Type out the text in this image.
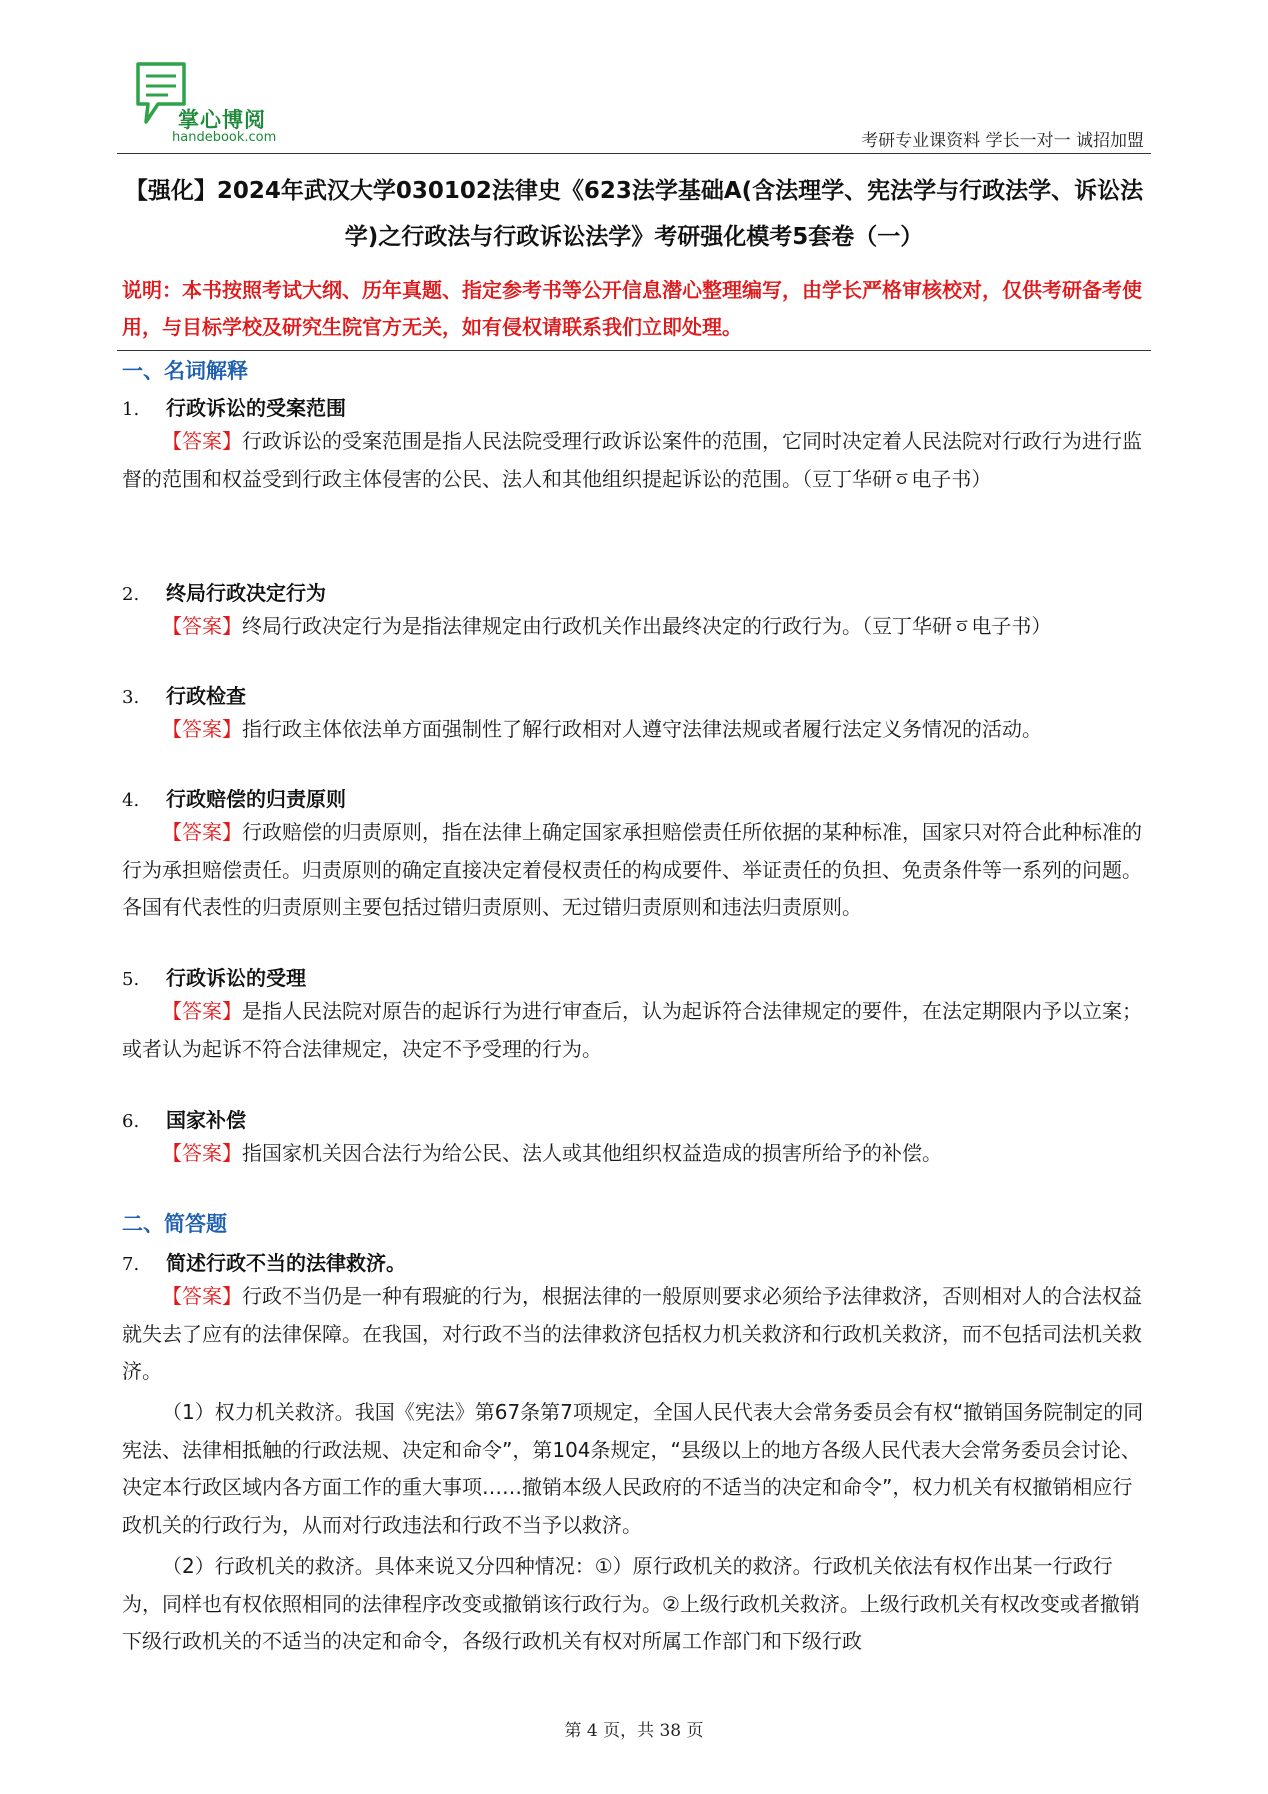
掌心博阅
handebook.com	考研专业课资料 学长一对一 诚招加盟
【强化】2024年武汉大学030102法律史《623法学基础A(含法理学、宪法学与行政法学、诉讼法学)之行政法与行政诉讼法学》考研强化模考5套卷（一）
说明：本书按照考试大纲、历年真题、指定参考书等公开信息潜心整理编写，由学长严格审核校对，仅供考研备考使用，与目标学校及研究生院官方无关，如有侵权请联系我们立即处理。
一、名词解释
1. 行政诉讼的受案范围
【答案】行政诉讼的受案范围是指人民法院受理行政诉讼案件的范围，它同时决定着人民法院对行政行为进行监督的范围和权益受到行政主体侵害的公民、法人和其他组织提起诉讼的范围。（豆丁华研ㆆ电子书）
2. 终局行政决定行为
【答案】终局行政决定行为是指法律规定由行政机关作出最终决定的行政行为。（豆丁华研ㆆ电子书）
3. 行政检查
【答案】指行政主体依法单方面强制性了解行政相对人遵守法律法规或者履行法定义务情况的活动。
4. 行政赔偿的归责原则
【答案】行政赔偿的归责原则，指在法律上确定国家承担赔偿责任所依据的某种标准，国家只对符合此种标准的行为承担赔偿责任。归责原则的确定直接决定着侵权责任的构成要件、举证责任的负担、免责条件等一系列的问题。各国有代表性的归责原则主要包括过错归责原则、无过错归责原则和违法归责原则。
5. 行政诉讼的受理
【答案】是指人民法院对原告的起诉行为进行审查后，认为起诉符合法律规定的要件，在法定期限内予以立案；或者认为起诉不符合法律规定，决定不予受理的行为。
6. 国家补偿
【答案】指国家机关因合法行为给公民、法人或其他组织权益造成的损害所给予的补偿。
二、简答题
7. 简述行政不当的法律救济。
【答案】行政不当仍是一种有瑕疵的行为，根据法律的一般原则要求必须给予法律救济，否则相对人的合法权益就失去了应有的法律保障。在我国，对行政不当的法律救济包括权力机关救济和行政机关救济，而不包括司法机关救济。
（1）权力机关救济。我国《宪法》第67条第7项规定，全国人民代表大会常务委员会有权“撤销国务院制定的同宪法、法律相抵触的行政法规、决定和命令”，第104条规定，“县级以上的地方各级人民代表大会常务委员会讨论、决定本行政区域内各方面工作的重大事项……撤销本级人民政府的不适当的决定和命令”，权力机关有权撤销相应行政机关的行政行为，从而对行政违法和行政不当予以救济。
（2）行政机关的救济。具体来说又分四种情况：①）原行政机关的救济。行政机关依法有权作出某一行政行为，同样也有权依照相同的法律程序改变或撤销该行政行为。②上级行政机关救济。上级行政机关有权改变或者撤销下级行政机关的不适当的决定和命令，各级行政机关有权对所属工作部门和下级行政
第 4 页，共 38 页
